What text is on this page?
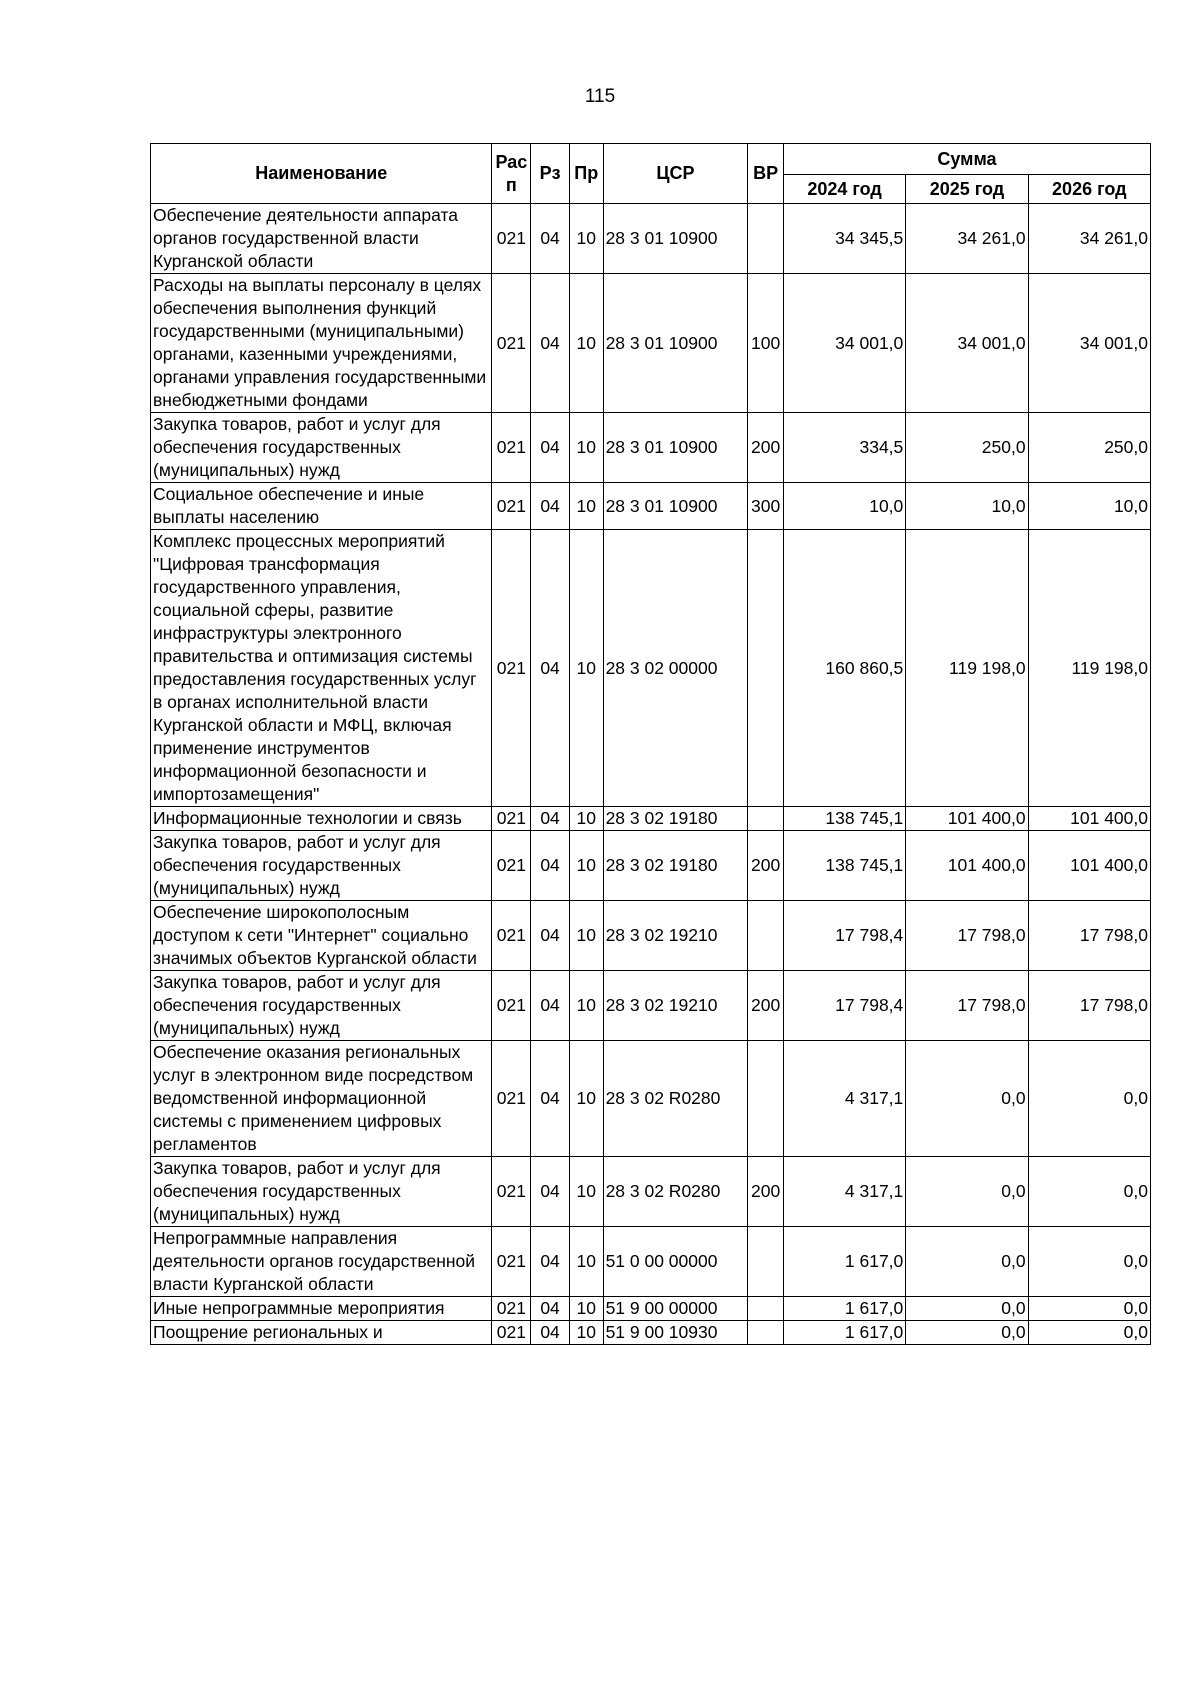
115
Наименование	Рас п	Рз	Пр	ЦСР	ВР	Сумма		
						2024 год	2025 год	2026 год
Обеспечение деятельности аппарата органов государственной власти Курганской области	021	04	10	28 3 01 10900		34 345,5	34 261,0	34 261,0
Расходы на выплаты персоналу в целях обеспечения выполнения функций государственными (муниципальными) органами, казенными учреждениями, органами управления государственными внебюджетными фондами	021	04	10	28 3 01 10900	100	34 001,0	34 001,0	34 001,0
Закупка товаров, работ и услуг для обеспечения государственных (муниципальных) нужд	021	04	10	28 3 01 10900	200	334,5	250,0	250,0
Социальное обеспечение и иные выплаты населению	021	04	10	28 3 01 10900	300	10,0	10,0	10,0
Комплекс процессных мероприятий "Цифровая трансформация государственного управления, социальной сферы, развитие инфраструктуры электронного правительства и оптимизация системы предоставления государственных услуг в органах исполнительной власти Курганской области и МФЦ, включая применение инструментов информационной безопасности и импортозамещения"	021	04	10	28 3 02 00000		160 860,5	119 198,0	119 198,0
Информационные технологии и связь	021	04	10	28 3 02 19180		138 745,1	101 400,0	101 400,0
Закупка товаров, работ и услуг для обеспечения государственных (муниципальных) нужд	021	04	10	28 3 02 19180	200	138 745,1	101 400,0	101 400,0
Обеспечение широкополосным доступом к сети "Интернет" социально значимых объектов Курганской области	021	04	10	28 3 02 19210		17 798,4	17 798,0	17 798,0
Закупка товаров, работ и услуг для обеспечения государственных (муниципальных) нужд	021	04	10	28 3 02 19210	200	17 798,4	17 798,0	17 798,0
Обеспечение оказания региональных услуг в электронном виде посредством ведомственной информационной системы с применением цифровых регламентов	021	04	10	28 3 02 R0280		4 317,1	0,0	0,0
Закупка товаров, работ и услуг для обеспечения государственных (муниципальных) нужд	021	04	10	28 3 02 R0280	200	4 317,1	0,0	0,0
Непрограммные направления деятельности органов государственной власти Курганской области	021	04	10	51 0 00 00000		1 617,0	0,0	0,0
Иные непрограммные мероприятия	021	04	10	51 9 00 00000		1 617,0	0,0	0,0
Поощрение региональных и	021	04	10	51 9 00 10930		1 617,0	0,0	0,0
